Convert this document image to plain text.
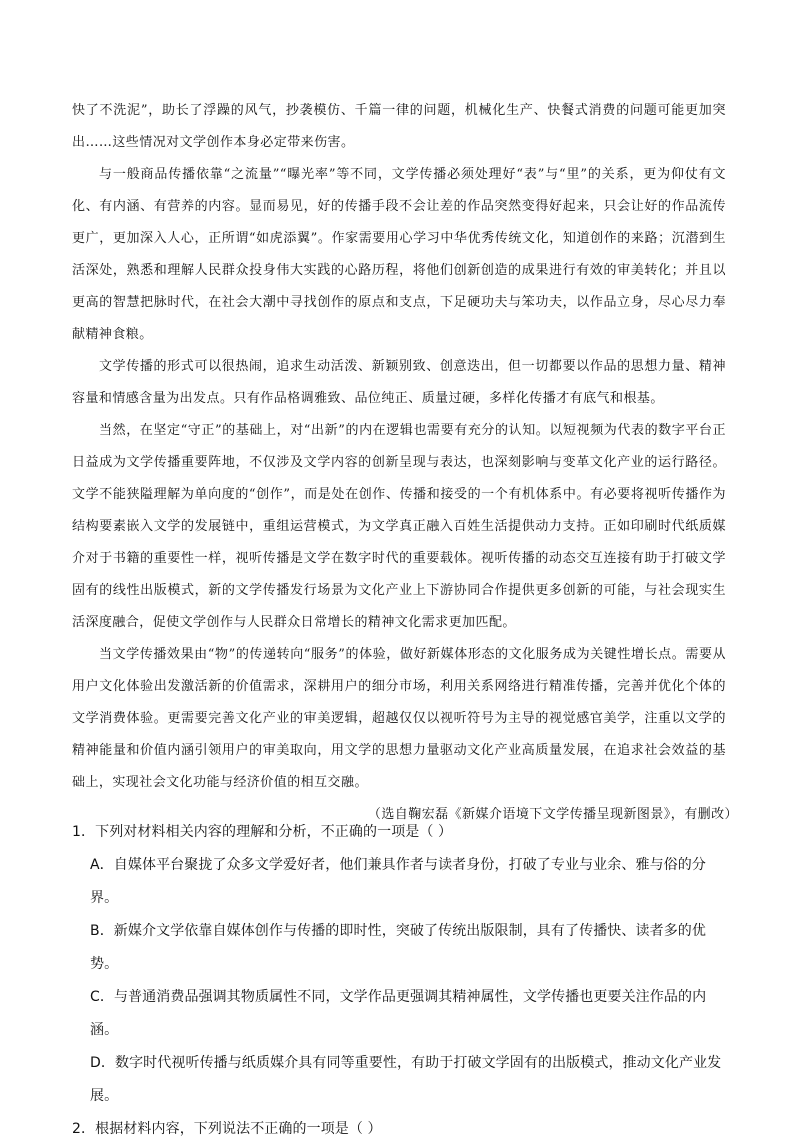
快了不洗泥”，助长了浮躁的风气，抄袭模仿、千篇一律的问题，机械化生产、快餐式消费的问题可能更加突出……这些情况对文学创作本身必定带来伤害。

与一般商品传播依靠“之流量”“曝光率”等不同，文学传播必须处理好“表”与“里”的关系，更为仰仗有文化、有内涵、有营养的内容。显而易见，好的传播手段不会让差的作品突然变得好起来，只会让好的作品流传更广，更加深入人心，正所谓“如虎添翼”。作家需要用心学习中华优秀传统文化，知道创作的来路；沉潜到生活深处，熟悉和理解人民群众投身伟大实践的心路历程，将他们创新创造的成果进行有效的审美转化；并且以更高的智慧把脉时代，在社会大潮中寻找创作的原点和支点，下足硬功夫与笨功夫，以作品立身，尽心尽力奉献精神食粮。

文学传播的形式可以很热闹，追求生动活泼、新颖别致、创意迭出，但一切都要以作品的思想力量、精神容量和情感含量为出发点。只有作品格调雅致、品位纯正、质量过硬，多样化传播才有底气和根基。

当然，在坚定“守正”的基础上，对“出新”的内在逻辑也需要有充分的认知。以短视频为代表的数字平台正日益成为文学传播重要阵地，不仅涉及文学内容的创新呈现与表达，也深刻影响与变革文化产业的运行路径。文学不能狭隘理解为单向度的“创作”，而是处在创作、传播和接受的一个有机体系中。有必要将视听传播作为结构要素嵌入文学的发展链中，重组运营模式，为文学真正融入百姓生活提供动力支持。正如印刷时代纸质媒介对于书籍的重要性一样，视听传播是文学在数字时代的重要载体。视听传播的动态交互连接有助于打破文学固有的线性出版模式，新的文学传播发行场景为文化产业上下游协同合作提供更多创新的可能，与社会现实生活深度融合，促使文学创作与人民群众日常增长的精神文化需求更加匹配。

当文学传播效果由“物”的传递转向“服务”的体验，做好新媒体形态的文化服务成为关键性增长点。需要从用户文化体验出发激活新的价值需求，深耕用户的细分市场，利用关系网络进行精准传播，完善并优化个体的文学消费体验。更需要完善文化产业的审美逻辑，超越仅仅以视听符号为主导的视觉感官美学，注重以文学的精神能量和价值内涵引领用户的审美取向，用文学的思想力量驱动文化产业高质量发展，在追求社会效益的基础上，实现社会文化功能与经济价值的相互交融。

（选自鞠宏磊《新媒介语境下文学传播呈现新图景》，有删改）

1．下列对材料相关内容的理解和分析，不正确的一项是（ ）

A．自媒体平台聚拢了众多文学爱好者，他们兼具作者与读者身份，打破了专业与业余、雅与俗的分界。

B．新媒介文学依靠自媒体创作与传播的即时性，突破了传统出版限制，具有了传播快、读者多的优势。

C．与普通消费品强调其物质属性不同，文学作品更强调其精神属性，文学传播也更要关注作品的内涵。

D．数字时代视听传播与纸质媒介具有同等重要性，有助于打破文学固有的出版模式，推动文化产业发展。

2．根据材料内容，下列说法不正确的一项是（ ）
